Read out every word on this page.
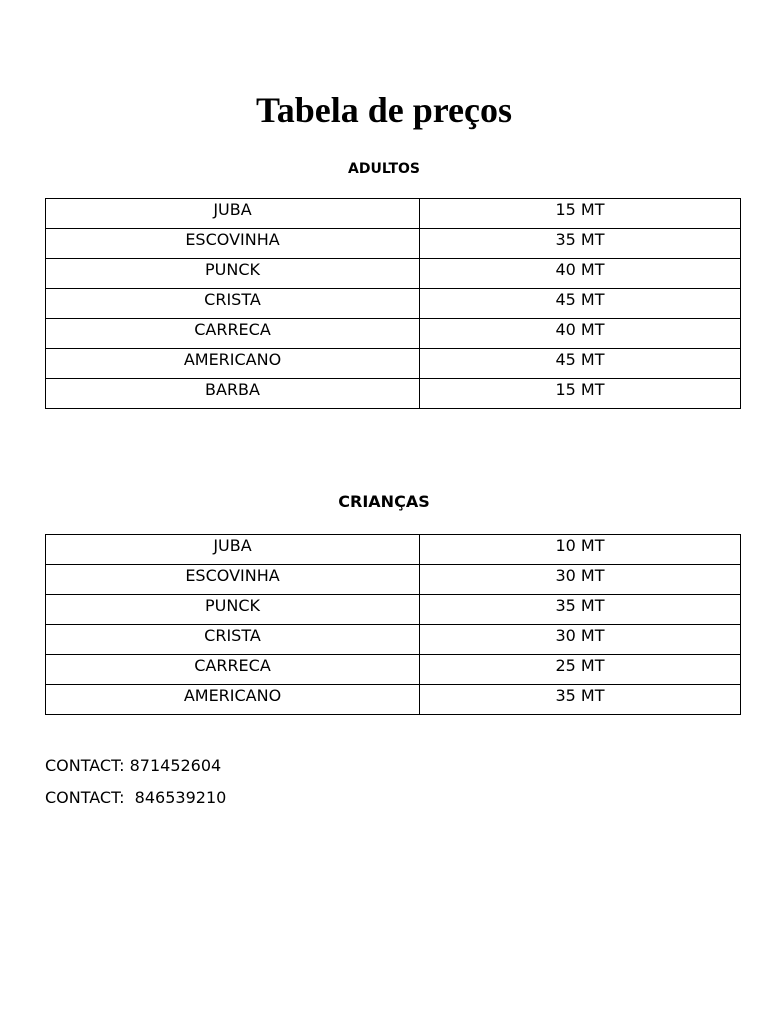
Tabela de preços
ADULTOS
JUBA	15 MT
ESCOVINHA	35 MT
PUNCK	40 MT
CRISTA	45 MT
CARRECA	40 MT
AMERICANO	45 MT
BARBA	15 MT
CRIANÇAS
JUBA	10 MT
ESCOVINHA	30 MT
PUNCK	35 MT
CRISTA	30 MT
CARRECA	25 MT
AMERICANO	35 MT
CONTACT: 871452604
CONTACT:  846539210
